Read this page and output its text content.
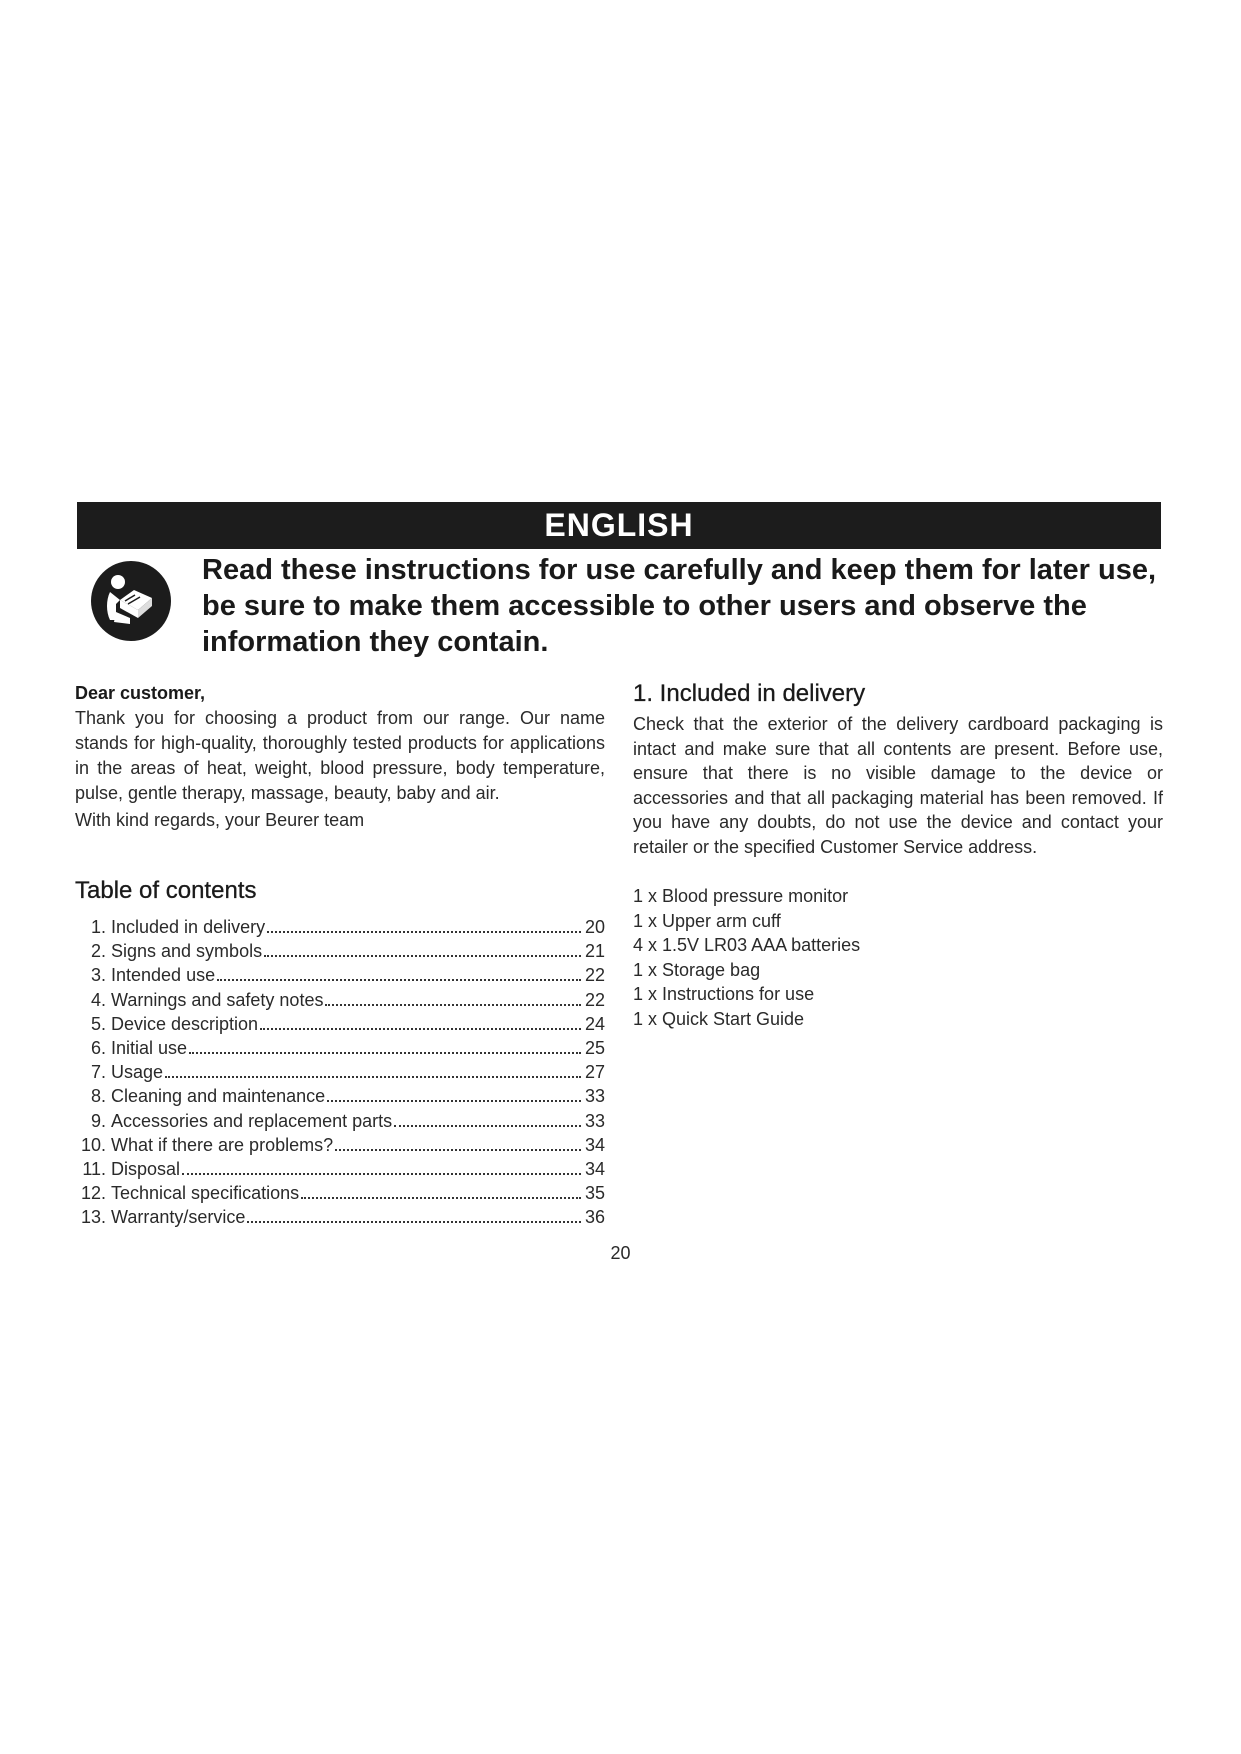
ENGLISH
Read these instructions for use carefully and keep them for later use, be sure to make them accessible to other users and observe the information they contain.

Dear customer,

Thank you for choosing a product from our range. Our name stands for high-quality, thoroughly tested products for applications in the areas of heat, weight, blood pressure, body temperature, pulse, gentle therapy, massage, beauty, baby and air.

With kind regards, your Beurer team

Table of contents
1. Included in delivery	20
2. Signs and symbols	21
3. Intended use	22
4. Warnings and safety notes	22
5. Device description	24
6. Initial use	25
7. Usage	27
8. Cleaning and maintenance	33
9. Accessories and replacement parts	33
10. What if there are problems?	34
11. Disposal	34
12. Technical specifications	35
13. Warranty/service	36
1. Included in delivery

Check that the exterior of the delivery cardboard packaging is intact and make sure that all contents are present. Before use, ensure that there is no visible damage to the device or accessories and that all packaging material has been removed. If you have any doubts, do not use the device and contact your retailer or the specified Customer Service address.

1 x Blood pressure monitor
1 x Upper arm cuff
4 x 1.5V LR03 AAA batteries
1 x Storage bag
1 x Instructions for use
1 x Quick Start Guide
20
